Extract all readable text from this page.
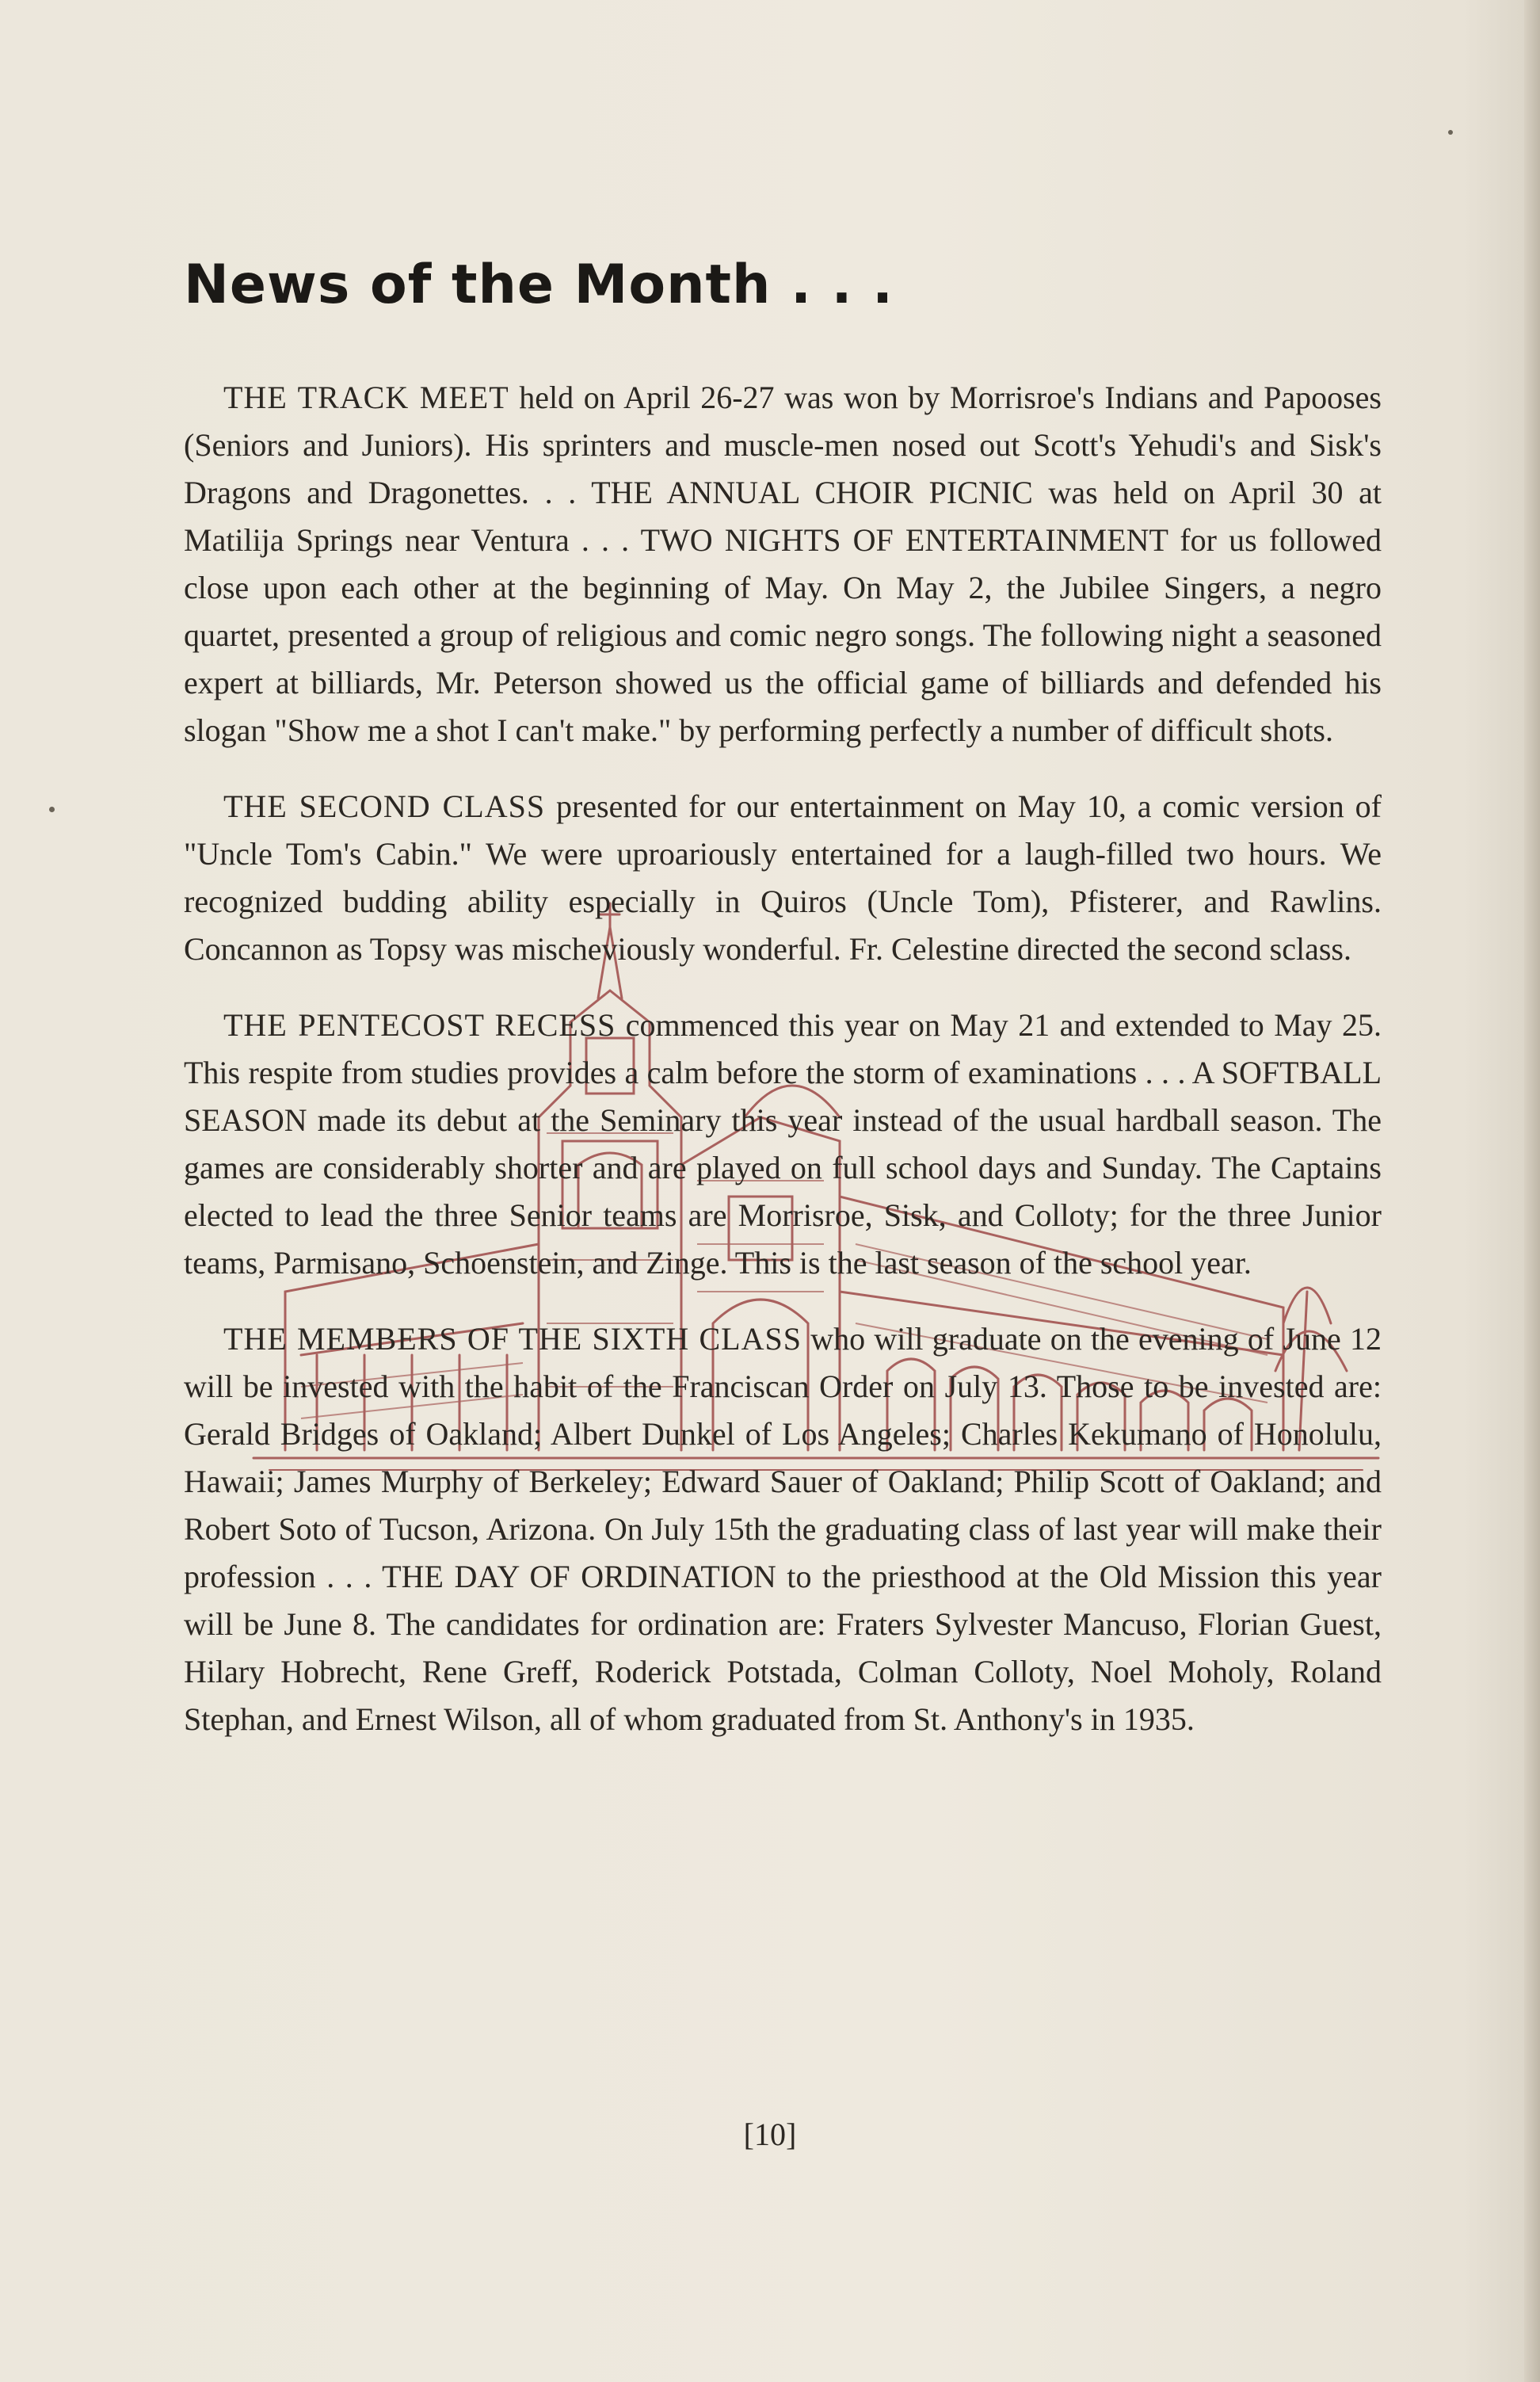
News of the Month . . .

THE TRACK MEET held on April 26-27 was won by Morrisroe's Indians and Papooses (Seniors and Juniors). His sprinters and muscle-men nosed out Scott's Yehudi's and Sisk's Dragons and Dragonettes. . . THE ANNUAL CHOIR PICNIC was held on April 30 at Matilija Springs near Ventura . . . TWO NIGHTS OF ENTERTAINMENT for us followed close upon each other at the beginning of May. On May 2, the Jubilee Singers, a negro quartet, presented a group of religious and comic negro songs. The following night a seasoned expert at billiards, Mr. Peterson showed us the official game of billiards and defended his slogan "Show me a shot I can't make." by performing perfectly a number of difficult shots.

THE SECOND CLASS presented for our entertainment on May 10, a comic version of "Uncle Tom's Cabin." We were uproariously entertained for a laugh-filled two hours. We recognized budding ability especially in Quiros (Uncle Tom), Pfisterer, and Rawlins. Concannon as Topsy was mischeviously wonderful. Fr. Celestine directed the second sclass.

THE PENTECOST RECESS commenced this year on May 21 and extended to May 25. This respite from studies provides a calm before the storm of examinations . . . A SOFTBALL SEASON made its debut at the Seminary this year instead of the usual hardball season. The games are considerably shorter and are played on full school days and Sunday. The Captains elected to lead the three Senior teams are Morrisroe, Sisk, and Colloty; for the three Junior teams, Parmisano, Schoenstein, and Zinge. This is the last season of the school year.

THE MEMBERS OF THE SIXTH CLASS who will graduate on the evening of June 12 will be invested with the habit of the Franciscan Order on July 13. Those to be invested are: Gerald Bridges of Oakland; Albert Dunkel of Los Angeles; Charles Kekumano of Honolulu, Hawaii; James Murphy of Berkeley; Edward Sauer of Oakland; Philip Scott of Oakland; and Robert Soto of Tucson, Arizona. On July 15th the graduating class of last year will make their profession . . . THE DAY OF ORDINATION to the priesthood at the Old Mission this year will be June 8. The candidates for ordination are: Fraters Sylvester Mancuso, Florian Guest, Hilary Hobrecht, Rene Greff, Roderick Potstada, Colman Colloty, Noel Moholy, Roland Stephan, and Ernest Wilson, all of whom graduated from St. Anthony's in 1935.

[10]
